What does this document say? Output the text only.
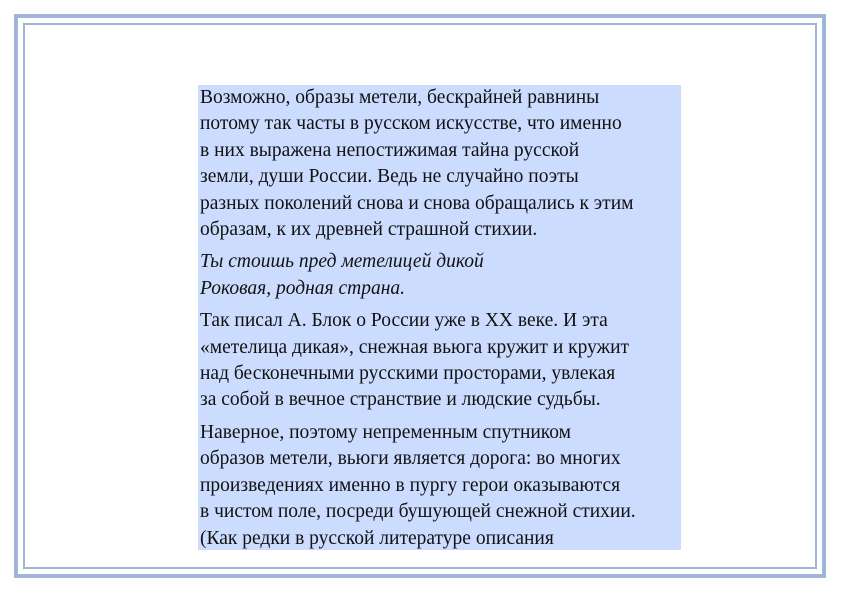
Возможно, образы метели, бескрайней равнины
потому так часты в русском искусстве, что именно
в них выражена непостижимая тайна русской
земли, души России. Ведь не случайно поэты
разных поколений снова и снова обращались к этим
образам, к их древней страшной стихии.

Ты стоишь пред метелицей дикой
Роковая, родная страна.

Так писал А. Блок о России уже в XX веке. И эта
«метелица дикая», снежная вьюга кружит и кружит
над бесконечными русскими просторами, увлекая
за собой в вечное странствие и людские судьбы.

Наверное, поэтому непременным спутником
образов метели, вьюги является дорога: во многих
произведениях именно в пургу герои оказываются
в чистом поле, посреди бушующей снежной стихии.
(Как редки в русской литературе описания
